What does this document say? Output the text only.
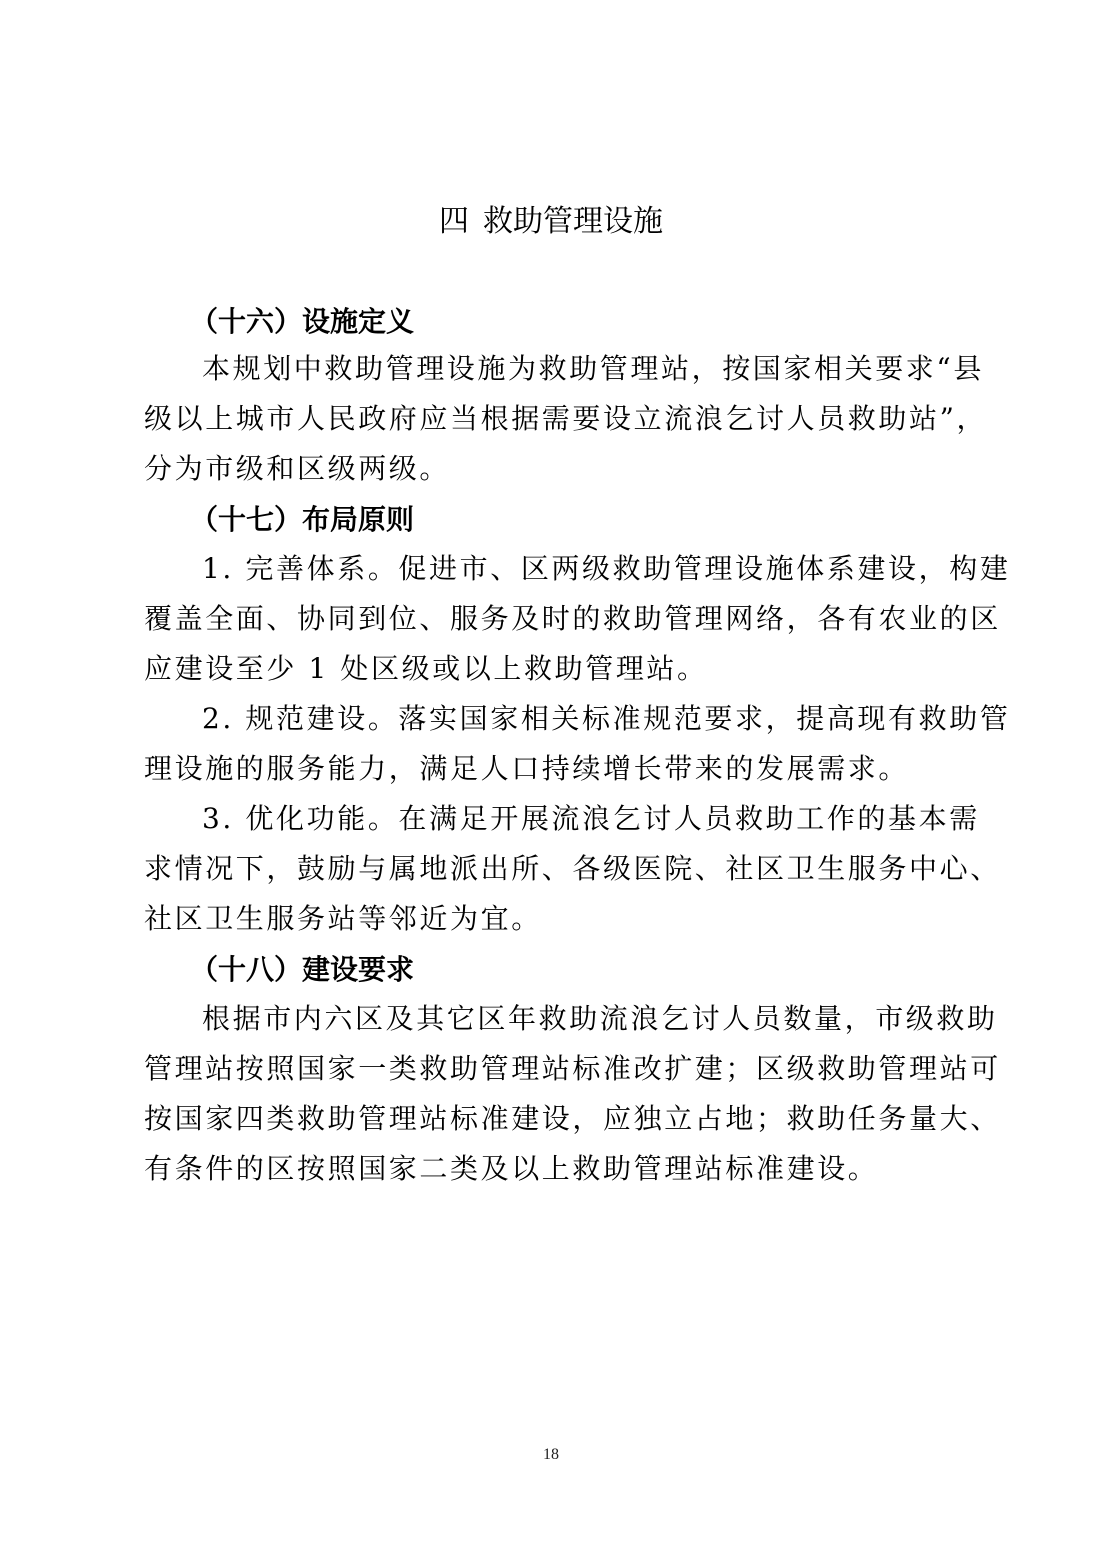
四 救助管理设施
（十六）设施定义
本规划中救助管理设施为救助管理站，按国家相关要求“县
级以上城市人民政府应当根据需要设立流浪乞讨人员救助站”，
分为市级和区级两级。
（十七）布局原则
1. 完善体系。促进市、区两级救助管理设施体系建设，构建
覆盖全面、协同到位、服务及时的救助管理网络，各有农业的区
应建设至少 1 处区级或以上救助管理站。
2. 规范建设。落实国家相关标准规范要求，提高现有救助管
理设施的服务能力，满足人口持续增长带来的发展需求。
3. 优化功能。在满足开展流浪乞讨人员救助工作的基本需
求情况下，鼓励与属地派出所、各级医院、社区卫生服务中心、
社区卫生服务站等邻近为宜。
（十八）建设要求
根据市内六区及其它区年救助流浪乞讨人员数量，市级救助
管理站按照国家一类救助管理站标准改扩建；区级救助管理站可
按国家四类救助管理站标准建设，应独立占地；救助任务量大、
有条件的区按照国家二类及以上救助管理站标准建设。
18
